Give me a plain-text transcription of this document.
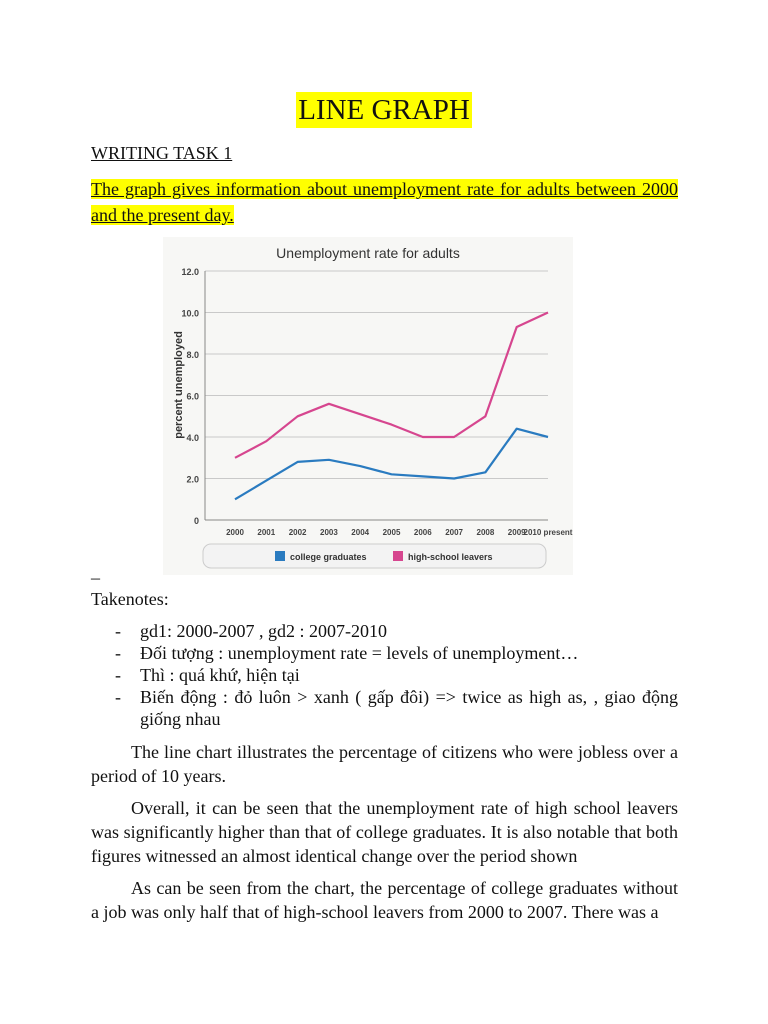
LINE GRAPH
WRITING TASK 1
The graph gives information about unemployment rate for adults between 2000 and the present day.
Unemployment rate for adults
percent unemployed
0
2.0
4.0
6.0
8.0
10.0
12.0
2000 2001 2002 2003 2004 2005 2006 2007 2008 2009
2010 present
college graduates	high-school leavers
_
Takenotes:
- gd1: 2000-2007 , gd2 : 2007-2010
- Đối tượng : unemployment rate = levels of unemployment…
- Thì : quá khứ, hiện tại
- Biến động : đỏ luôn > xanh ( gấp đôi) => twice as high as, , giao động giống nhau

The line chart illustrates the percentage of citizens who were jobless over a period of 10 years.

Overall, it can be seen that the unemployment rate of high school leavers was significantly higher than that of college graduates. It is also notable that both figures witnessed an almost identical change over the period shown

As can be seen from the chart, the percentage of college graduates without a job was only half that of high-school leavers from 2000 to 2007. There was a
